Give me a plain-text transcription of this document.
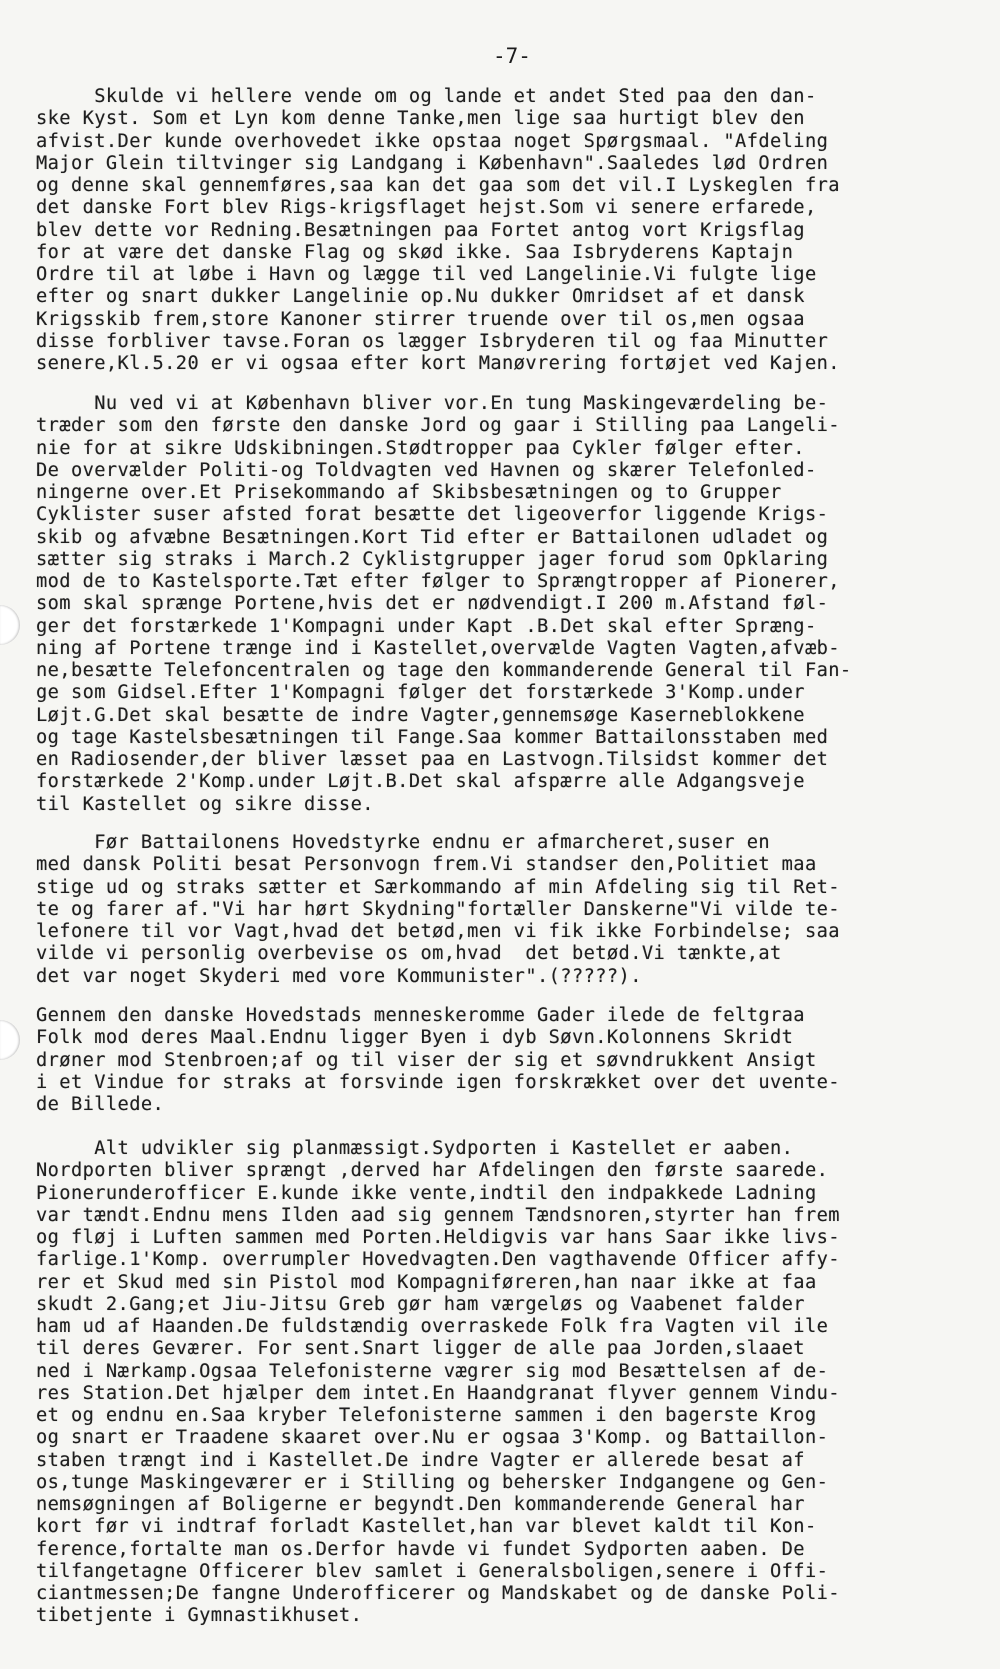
-7-
Skulde vi hellere vende om og lande et andet Sted paa den dan-
ske Kyst. Som et Lyn kom denne Tanke,men lige saa hurtigt blev den
afvist.Der kunde overhovedet ikke opstaa noget Spørgsmaal. "Afdeling
Major Glein tiltvinger sig Landgang i København".Saaledes lød Ordren
og denne skal gennemføres,saa kan det gaa som det vil.I Lyskeglen fra
det danske Fort blev Rigs-krigsflaget hejst.Som vi senere erfarede,
blev dette vor Redning.Besætningen paa Fortet antog vort Krigsflag
for at være det danske Flag og skød ikke. Saa Isbryderens Kaptajn
Ordre til at løbe i Havn og lægge til ved Langelinie.Vi fulgte lige
efter og snart dukker Langelinie op.Nu dukker Omridset af et dansk
Krigsskib frem,store Kanoner stirrer truende over til os,men ogsaa
disse forbliver tavse.Foran os lægger Isbryderen til og faa Minutter
senere,Kl.5.20 er vi ogsaa efter kort Manøvrering fortøjet ved Kajen.
Nu ved vi at København bliver vor.En tung Maskingeværdeling be-
træder som den første den danske Jord og gaar i Stilling paa Langeli-
nie for at sikre Udskibningen.Stødtropper paa Cykler følger efter.
De overvælder Politi-og Toldvagten ved Havnen og skærer Telefonled-
ningerne over.Et Prisekommando af Skibsbesætningen og to Grupper
Cyklister suser afsted forat besætte det ligeoverfor liggende Krigs-
skib og afvæbne Besætningen.Kort Tid efter er Battailonen udladet og
sætter sig straks i March.2 Cyklistgrupper jager forud som Opklaring
mod de to Kastelsporte.Tæt efter følger to Sprængtropper af Pionerer,
som skal sprænge Portene,hvis det er nødvendigt.I 200 m.Afstand føl-
ger det forstærkede 1'Kompagni under Kapt .B.Det skal efter Spræng-
ning af Portene trænge ind i Kastellet,overvælde Vagten Vagten,afvæb-
ne,besætte Telefoncentralen og tage den kommanderende General til Fan-
ge som Gidsel.Efter 1'Kompagni følger det forstærkede 3'Komp.under
Løjt.G.Det skal besætte de indre Vagter,gennemsøge Kaserneblokkene
og tage Kastelsbesætningen til Fange.Saa kommer Battailonsstaben med
en Radiosender,der bliver læsset paa en Lastvogn.Tilsidst kommer det
forstærkede 2'Komp.under Løjt.B.Det skal afspærre alle Adgangsveje
til Kastellet og sikre disse.
Før Battailonens Hovedstyrke endnu er afmarcheret,suser en
med dansk Politi besat Personvogn frem.Vi standser den,Politiet maa
stige ud og straks sætter et Særkommando af min Afdeling sig til Ret-
te og farer af."Vi har hørt Skydning"fortæller Danskerne"Vi vilde te-
lefonere til vor Vagt,hvad det betød,men vi fik ikke Forbindelse; saa
vilde vi personlig overbevise os om,hvad  det betød.Vi tænkte,at
det var noget Skyderi med vore Kommunister".(?????).
Gennem den danske Hovedstads menneskeromme Gader ilede de feltgraa
Folk mod deres Maal.Endnu ligger Byen i dyb Søvn.Kolonnens Skridt
drøner mod Stenbroen;af og til viser der sig et søvndrukkent Ansigt
i et Vindue for straks at forsvinde igen forskrækket over det uvente-
de Billede.
Alt udvikler sig planmæssigt.Sydporten i Kastellet er aaben.
Nordporten bliver sprængt ,derved har Afdelingen den første saarede.
Pionerunderofficer E.kunde ikke vente,indtil den indpakkede Ladning
var tændt.Endnu mens Ilden aad sig gennem Tændsnoren,styrter han frem
og fløj i Luften sammen med Porten.Heldigvis var hans Saar ikke livs-
farlige.1'Komp. overrumpler Hovedvagten.Den vagthavende Officer affy-
rer et Skud med sin Pistol mod Kompagniføreren,han naar ikke at faa
skudt 2.Gang;et Jiu-Jitsu Greb gør ham værgeløs og Vaabenet falder
ham ud af Haanden.De fuldstændig overraskede Folk fra Vagten vil ile
til deres Geværer. For sent.Snart ligger de alle paa Jorden,slaaet
ned i Nærkamp.Ogsaa Telefonisterne vægrer sig mod Besættelsen af de-
res Station.Det hjælper dem intet.En Haandgranat flyver gennem Vindu-
et og endnu en.Saa kryber Telefonisterne sammen i den bagerste Krog
og snart er Traadene skaaret over.Nu er ogsaa 3'Komp. og Battaillon-
staben trængt ind i Kastellet.De indre Vagter er allerede besat af
os,tunge Maskingeværer er i Stilling og behersker Indgangene og Gen-
nemsøgningen af Boligerne er begyndt.Den kommanderende General har
kort før vi indtraf forladt Kastellet,han var blevet kaldt til Kon-
ference,fortalte man os.Derfor havde vi fundet Sydporten aaben. De
tilfangetagne Officerer blev samlet i Generalsboligen,senere i Offi-
ciantmessen;De fangne Underofficerer og Mandskabet og de danske Poli-
tibetjente i Gymnastikhuset.
